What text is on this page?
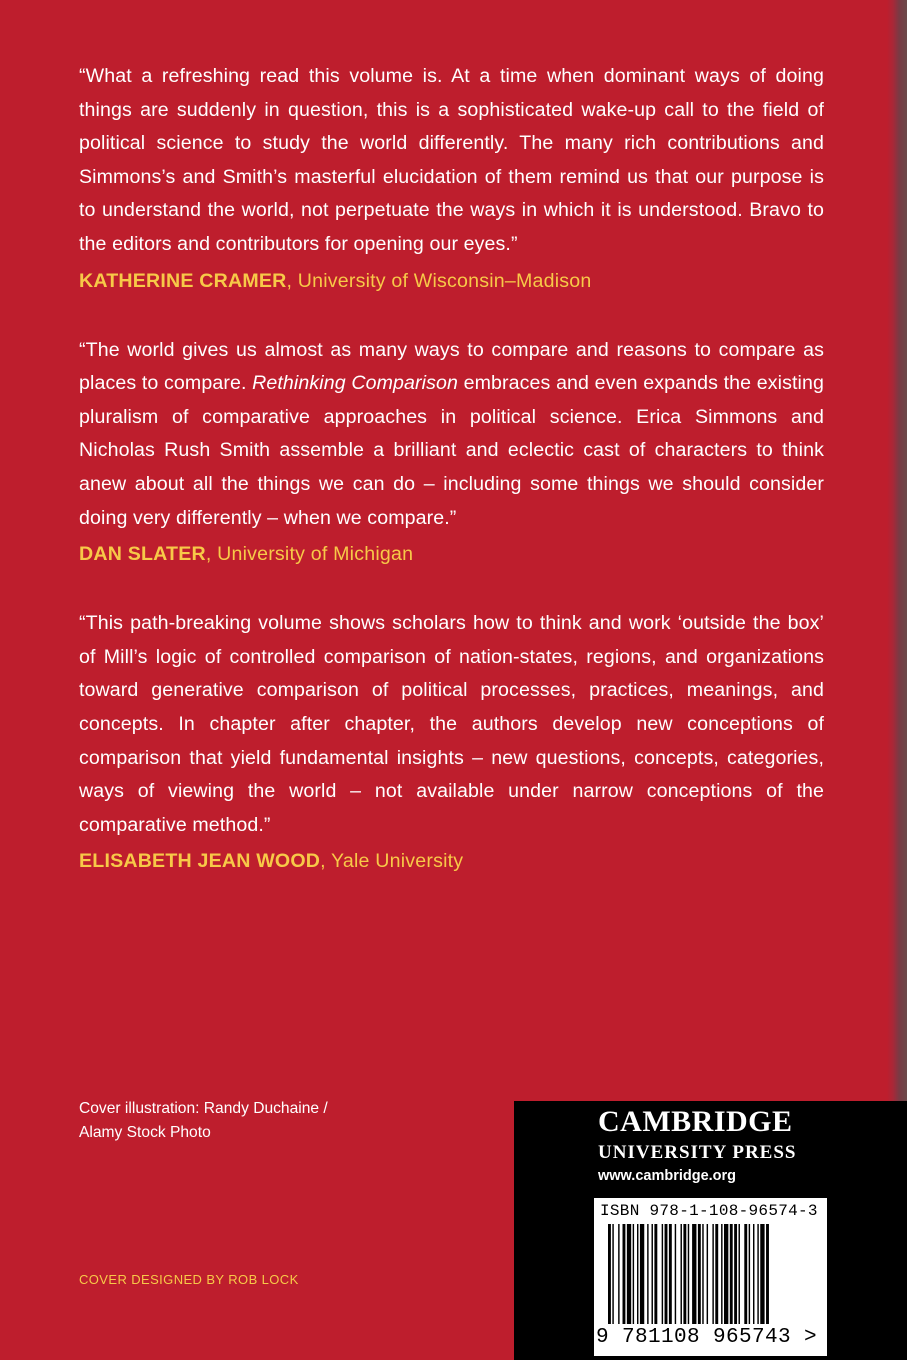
“What a refreshing read this volume is. At a time when dominant ways of doing things are suddenly in question, this is a sophisticated wake-up call to the field of political science to study the world differently. The many rich contributions and Simmons’s and Smith’s masterful elucidation of them remind us that our purpose is to understand the world, not perpetuate the ways in which it is understood. Bravo to the editors and contributors for opening our eyes.”

KATHERINE CRAMER, University of Wisconsin–Madison

“The world gives us almost as many ways to compare and reasons to compare as places to compare. Rethinking Comparison embraces and even expands the existing pluralism of comparative approaches in political science. Erica Simmons and Nicholas Rush Smith assemble a brilliant and eclectic cast of characters to think anew about all the things we can do – including some things we should consider doing very differently – when we compare.”

DAN SLATER, University of Michigan

“This path-breaking volume shows scholars how to think and work ‘outside the box’ of Mill’s logic of controlled comparison of nation-states, regions, and organizations toward generative comparison of political processes, practices, meanings, and concepts. In chapter after chapter, the authors develop new conceptions of comparison that yield fundamental insights – new questions, concepts, categories, ways of viewing the world – not available under narrow conceptions of the comparative method.”

ELISABETH JEAN WOOD, Yale University

Cover illustration: Randy Duchaine /
Alamy Stock Photo
COVER DESIGNED BY ROB LOCK
CAMBRIDGE
UNIVERSITY PRESS
www.cambridge.org
ISBN 978-1-108-96574-3
9 781108 965743 >
